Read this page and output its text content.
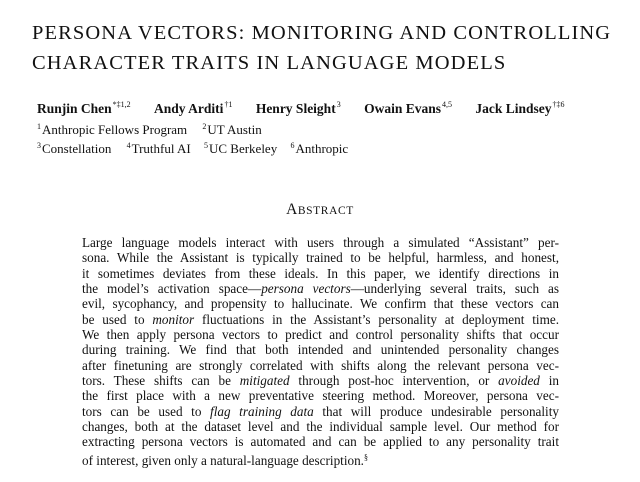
PERSONA VECTORS: MONITORING AND CONTROLLING
CHARACTER TRAITS IN LANGUAGE MODELS
Runjin Chen$^{*\ddagger 1,2}$ Andy Arditi$^{\dagger 1}$ Henry Sleight$^3$ Owain Evans$^{4,5}$ Jack Lindsey$^{\dagger\ddagger 6}$
$^1$Anthropic Fellows Program $^2$UT Austin
$^3$Constellation $^4$Truthful AI $^5$UC Berkeley $^6$Anthropic
ABSTRACT
Large language models interact with users through a simulated “Assistant” per-
sona. While the Assistant is typically trained to be helpful, harmless, and honest,
it sometimes deviates from these ideals. In this paper, we identify directions in
the model’s activation space—persona vectors—underlying several traits, such as
evil, sycophancy, and propensity to hallucinate. We confirm that these vectors can
be used to monitor fluctuations in the Assistant’s personality at deployment time.
We then apply persona vectors to predict and control personality shifts that occur
during training. We find that both intended and unintended personality changes
after finetuning are strongly correlated with shifts along the relevant persona vec-
tors. These shifts can be mitigated through post-hoc intervention, or avoided in
the first place with a new preventative steering method. Moreover, persona vec-
tors can be used to flag training data that will produce undesirable personality
changes, both at the dataset level and the individual sample level. Our method for
extracting persona vectors is automated and can be applied to any personality trait
of interest, given only a natural-language description.§
